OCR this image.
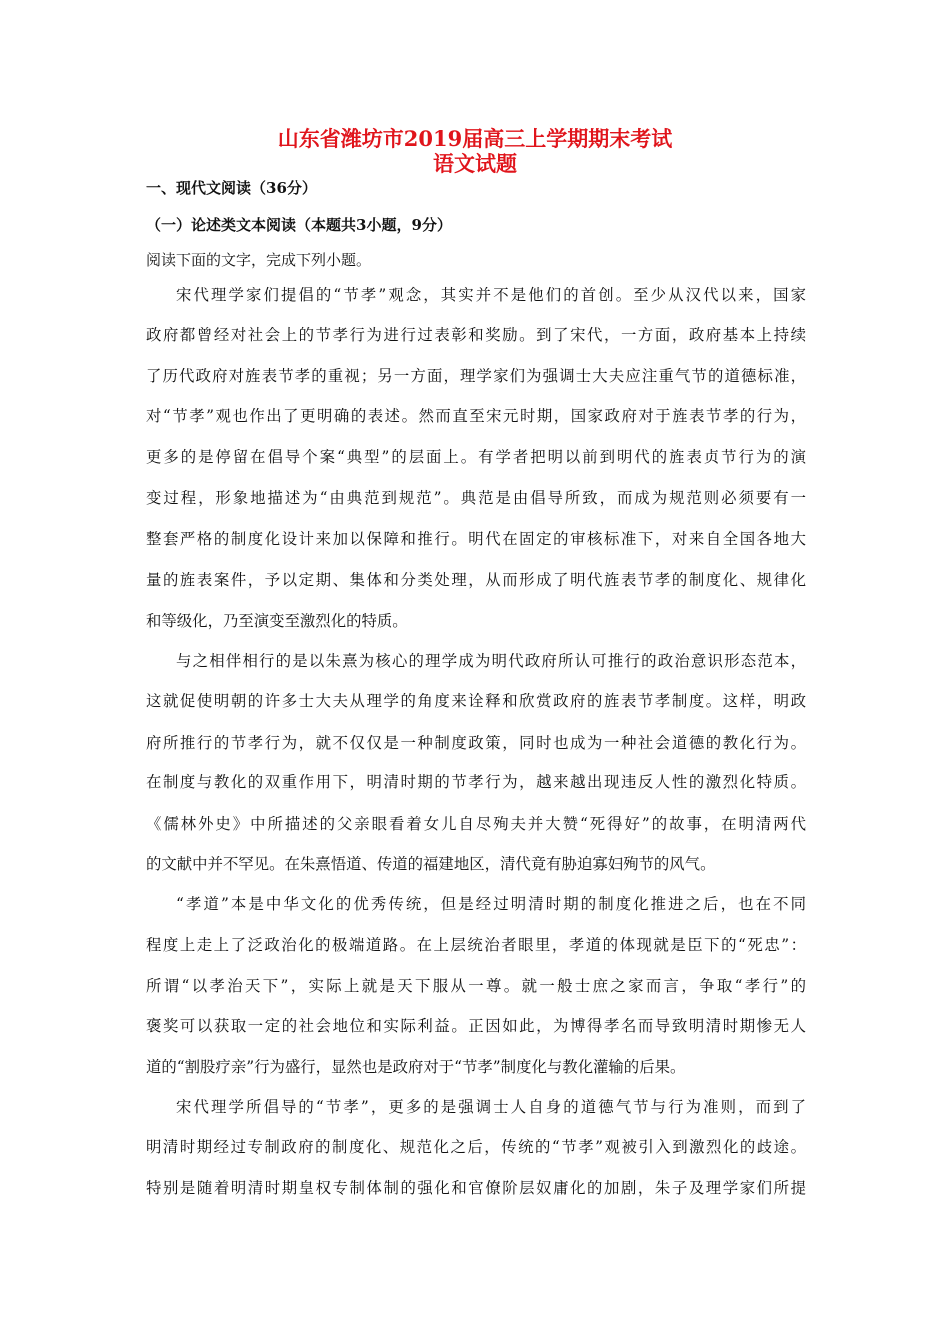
山东省潍坊市2019届高三上学期期末考试
语文试题
一、现代文阅读（36分）
（一）论述类文本阅读（本题共3小题，9分）
阅读下面的文字，完成下列小题。
宋代理学家们提倡的“节孝”观念，其实并不是他们的首创。至少从汉代以来，国家
政府都曾经对社会上的节孝行为进行过表彰和奖励。到了宋代，一方面，政府基本上持续
了历代政府对旌表节孝的重视；另一方面，理学家们为强调士大夫应注重气节的道德标准，
对“节孝”观也作出了更明确的表述。然而直至宋元时期，国家政府对于旌表节孝的行为，
更多的是停留在倡导个案“典型”的层面上。有学者把明以前到明代的旌表贞节行为的演
变过程，形象地描述为“由典范到规范”。典范是由倡导所致，而成为规范则必须要有一
整套严格的制度化设计来加以保障和推行。明代在固定的审核标准下，对来自全国各地大
量的旌表案件，予以定期、集体和分类处理，从而形成了明代旌表节孝的制度化、规律化
和等级化，乃至演变至激烈化的特质。
与之相伴相行的是以朱熹为核心的理学成为明代政府所认可推行的政治意识形态范本，
这就促使明朝的许多士大夫从理学的角度来诠释和欣赏政府的旌表节孝制度。这样，明政
府所推行的节孝行为，就不仅仅是一种制度政策，同时也成为一种社会道德的教化行为。
在制度与教化的双重作用下，明清时期的节孝行为，越来越出现违反人性的激烈化特质。
《儒林外史》中所描述的父亲眼看着女儿自尽殉夫并大赞“死得好”的故事，在明清两代
的文献中并不罕见。在朱熹悟道、传道的福建地区，清代竟有胁迫寡妇殉节的风气。
“孝道”本是中华文化的优秀传统，但是经过明清时期的制度化推进之后，也在不同
程度上走上了泛政治化的极端道路。在上层统治者眼里，孝道的体现就是臣下的“死忠”：
所谓“以孝治天下”，实际上就是天下服从一尊。就一般士庶之家而言，争取“孝行”的
褒奖可以获取一定的社会地位和实际利益。正因如此，为博得孝名而导致明清时期惨无人
道的“割股疗亲”行为盛行，显然也是政府对于“节孝”制度化与教化灌输的后果。
宋代理学所倡导的“节孝”，更多的是强调士人自身的道德气节与行为准则，而到了
明清时期经过专制政府的制度化、规范化之后，传统的“节孝”观被引入到激烈化的歧途。
特别是随着明清时期皇权专制体制的强化和官僚阶层奴庸化的加剧，朱子及理学家们所提
